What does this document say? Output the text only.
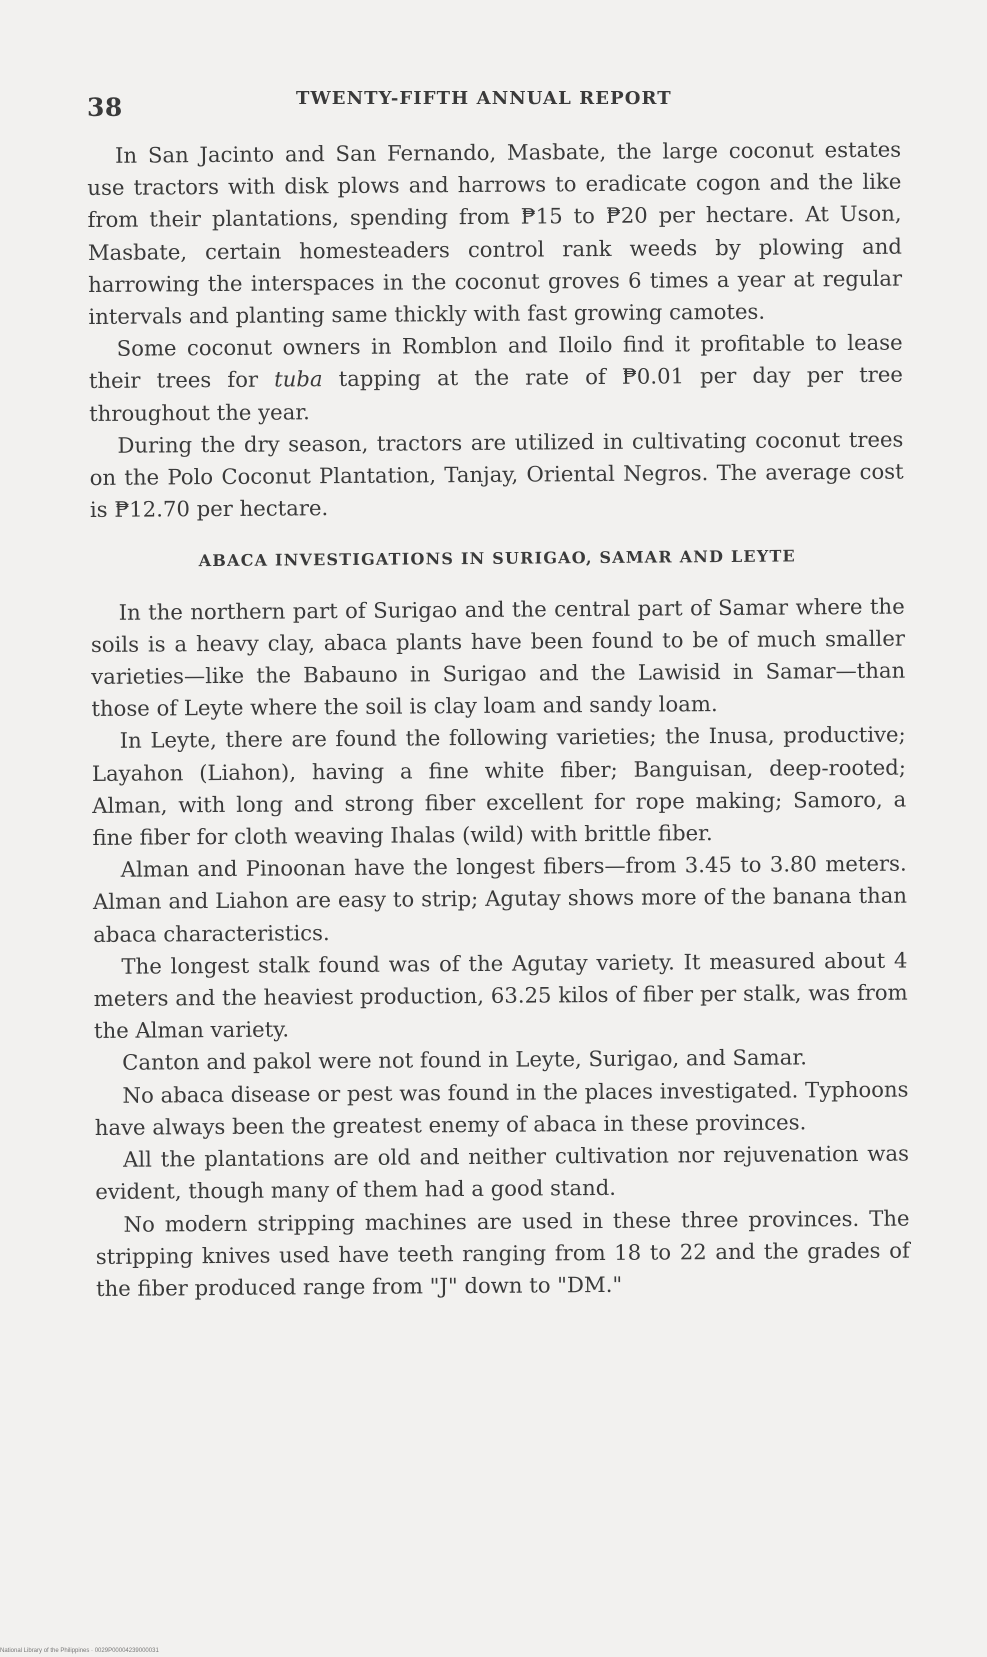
38	TWENTY-FIFTH ANNUAL REPORT

In San Jacinto and San Fernando, Masbate, the large coconut estates use tractors with disk plows and harrows to eradicate cogon and the like from their plantations, spending from ₱15 to ₱20 per hectare. At Uson, Masbate, certain homesteaders control rank weeds by plowing and harrowing the interspaces in the coconut groves 6 times a year at regular intervals and planting same thickly with fast growing camotes.

Some coconut owners in Romblon and Iloilo find it profitable to lease their trees for tuba tapping at the rate of ₱0.01 per day per tree throughout the year.

During the dry season, tractors are utilized in cultivating coconut trees on the Polo Coconut Plantation, Tanjay, Oriental Negros. The average cost is ₱12.70 per hectare.

ABACA INVESTIGATIONS IN SURIGAO, SAMAR AND LEYTE

In the northern part of Surigao and the central part of Samar where the soils is a heavy clay, abaca plants have been found to be of much smaller varieties—like the Babauno in Surigao and the Lawisid in Samar—than those of Leyte where the soil is clay loam and sandy loam.

In Leyte, there are found the following varieties; the Inusa, productive; Layahon (Liahon), having a fine white fiber; Banguisan, deep-rooted; Alman, with long and strong fiber excellent for rope making; Samoro, a fine fiber for cloth weaving Ihalas (wild) with brittle fiber.

Alman and Pinoonan have the longest fibers—from 3.45 to 3.80 meters. Alman and Liahon are easy to strip; Agutay shows more of the banana than abaca characteristics.

The longest stalk found was of the Agutay variety. It measured about 4 meters and the heaviest production, 63.25 kilos of fiber per stalk, was from the Alman variety.

Canton and pakol were not found in Leyte, Surigao, and Samar.

No abaca disease or pest was found in the places investigated. Typhoons have always been the greatest enemy of abaca in these provinces.

All the plantations are old and neither cultivation nor rejuvenation was evident, though many of them had a good stand.

No modern stripping machines are used in these three provinces. The stripping knives used have teeth ranging from 18 to 22 and the grades of the fiber produced range from "J" down to "DM."

National Library of the Philippines · 0029P00004239000031
